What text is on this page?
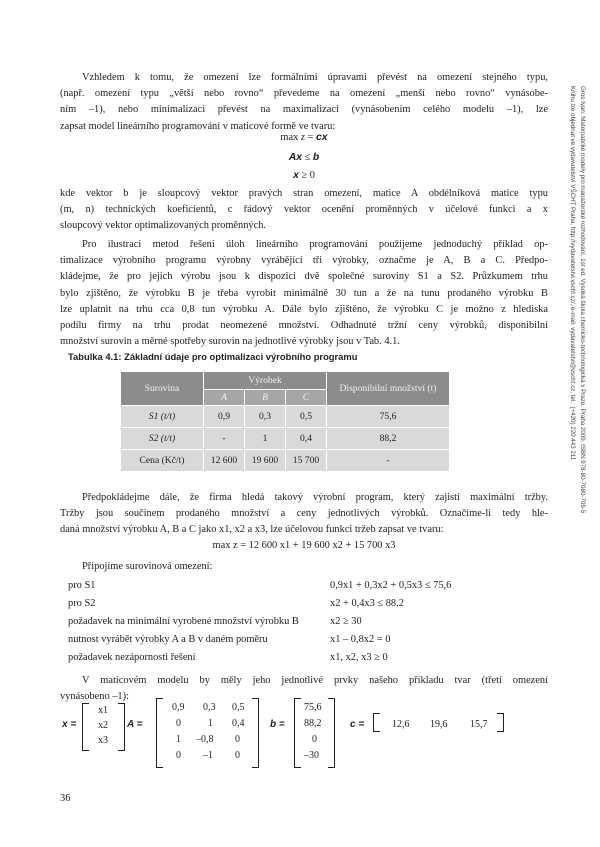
Vzhledem k tomu, že omezení lze formálními úpravami převést na omezení stejného typu,
(např. omezení typu „větší nebo rovno“ převedeme na omezení „menší nebo rovno“ vynásobe-
ním –1), nebo minimalizaci převést na maximalizaci (vynásobením celého modelu –1), lze
zapsat model lineárního programování v maticové formě ve tvaru:
max z = cx
Ax ≤ b
x ≥ 0
kde vektor b je sloupcový vektor pravých stran omezení, matice A obdélníková matice typu
(m, n) technických koeficientů, c řádový vektor ocenění proměnných v účelové funkci a x
sloupcový vektor optimalizovaných proměnných.
Pro ilustraci metod řešení úloh lineárního programování použijeme jednoduchý příklad op-
timalizace výrobního programu výrobny vyrábějící tři výrobky, označme je A, B a C. Předpo-
kládejme, že pro jejich výrobu jsou k dispozici dvě společné suroviny S1 a S2. Průzkumem trhu
bylo zjištěno, že výrobku B je třeba vyrobit minimálně 30 tun a že na tunu prodaného výrobku B
lze uplatnit na trhu cca 0,8 tun výrobku A. Dále bylo zjištěno, že výrobku C je možno z hlediska
podílu firmy na trhu prodat neomezené množství. Odhadnuté tržní ceny výrobků, disponibilní
množství surovin a měrné spotřeby surovin na jednotlivé výrobky jsou v Tab. 4.1.
Tabulka 4.1: Základní údaje pro optimalizaci výrobního programu
Surovina	Výrobek			Disponibilní množství (t)
	A	B	C	
S1 (t/t)	0,9	0,3	0,5	75,6
S2 (t/t)	-	1	0,4	88,2
Cena (Kč/t)	12 600	19 600	15 700	-
Předpokládejme dále, že firma hledá takový výrobní program, který zajistí maximální tržby.
Tržby jsou součinem prodaného množství a ceny jednotlivých výrobků. Označíme-li tedy hle-
daná množství výrobku A, B a C jako x1, x2 a x3, lze účelovou funkci tržeb zapsat ve tvaru:
max z = 12 600 x1 + 19 600 x2 + 15 700 x3
Připojíme surovinová omezení:
pro S1	0,9x1 + 0,3x2 + 0,5x3 ≤ 75,6
pro S2	x2 + 0,4x3 ≤ 88.2
požadavek na minimální vyrobené množství výrobku B	x2 ≥ 30
nutnost vyrábět výrobky A a B v daném poměru	x1 – 0,8x2 = 0
požadavek nezápornosti řešení	x1, x2, x3 ≥ 0
V maticovém modelu by měly jeho jednotlivé prvky našeho příkladu tvar (třetí omezení
vynásobeno –1):
x =
x1
x2
x3
A =
0,9 0,3 0,5
0	1 0,4
1 –0,8 0
0 –1 0
b =
75,6
88,2
0
–30
c =	12,6 19,6 15,7
36
Gros Ivan: Matematické modely pro manažerské rozhodování, 1st ed. Vysoká škola chemicko-technologická v Praze, Praha 2009, ISBN 978-80-7080-709-5
Knihu lze objednat ve vydavatelství VŠCHT Praha, http://vydavatelstvi.vscht.cz/, e-mail: vydavatelstvi@vscht.cz, tel.: (+420) 220 443 211
